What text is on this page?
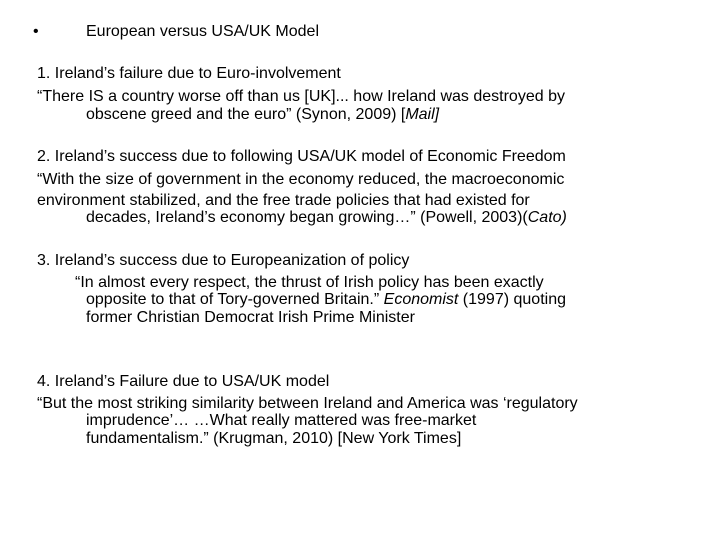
•	European versus USA/UK Model
1. Ireland’s failure due to Euro-involvement
“There IS a country worse off than us [UK]... how Ireland was destroyed by
obscene greed and the euro” (Synon, 2009) [Mail]
2. Ireland’s success due to following USA/UK model of Economic Freedom
“With the size of government in the economy reduced, the macroeconomic
environment stabilized, and the free trade policies that had existed for
decades, Ireland’s economy began growing…” (Powell, 2003)(Cato)
3. Ireland’s success due to Europeanization of policy
“In almost every respect, the thrust of Irish policy has been exactly
opposite to that of Tory-governed Britain.” Economist (1997) quoting
former Christian Democrat Irish Prime Minister
4. Ireland’s Failure due to USA/UK model
“But the most striking similarity between Ireland and America was ‘regulatory
imprudence’… …What really mattered was free-market
fundamentalism.” (Krugman, 2010) [New York Times]
